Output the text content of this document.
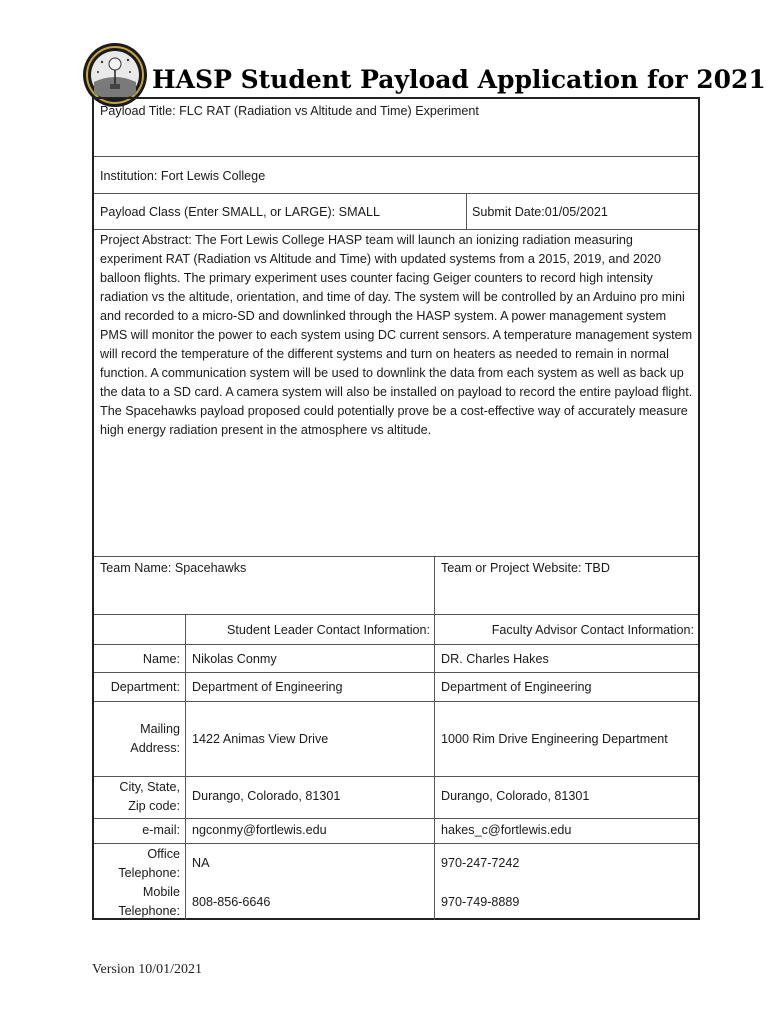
HASP Student Payload Application for 2021
Payload Title: FLC RAT (Radiation vs Altitude and Time) Experiment
Institution: Fort Lewis College
Payload Class (Enter SMALL, or LARGE): SMALL	Submit Date:01/05/2021
Project Abstract: The Fort Lewis College HASP team will launch an ionizing radiation measuring experiment RAT (Radiation vs Altitude and Time) with updated systems from a 2015, 2019, and 2020 balloon flights. The primary experiment uses counter facing Geiger counters to record high intensity radiation vs the altitude, orientation, and time of day. The system will be controlled by an Arduino pro mini and recorded to a micro-SD and downlinked through the HASP system. A power management system PMS will monitor the power to each system using DC current sensors. A temperature management system will record the temperature of the different systems and turn on heaters as needed to remain in normal function. A communication system will be used to downlink the data from each system as well as back up the data to a SD card. A camera system will also be installed on payload to record the entire payload flight. The Spacehawks payload proposed could potentially prove be a cost-effective way of accurately measure high energy radiation present in the atmosphere vs altitude.
Team Name: Spacehawks	Team or Project Website: TBD
Student Leader Contact Information:	Faculty Advisor Contact Information:
Name: Nikolas Conmy	DR. Charles Hakes
Department: Department of Engineering	Department of Engineering
Mailing
Address:
1422 Animas View Drive	1000 Rim Drive Engineering Department
City, State,
Zip code:
Durango, Colorado, 81301	Durango, Colorado, 81301
e-mail: ngconmy@fortlewis.edu	hakes_c@fortlewis.edu
Office
Telephone:
NA	970-247-7242
Mobile
Telephone:
808-856-6646	970-749-8889
Version 10/01/2021
